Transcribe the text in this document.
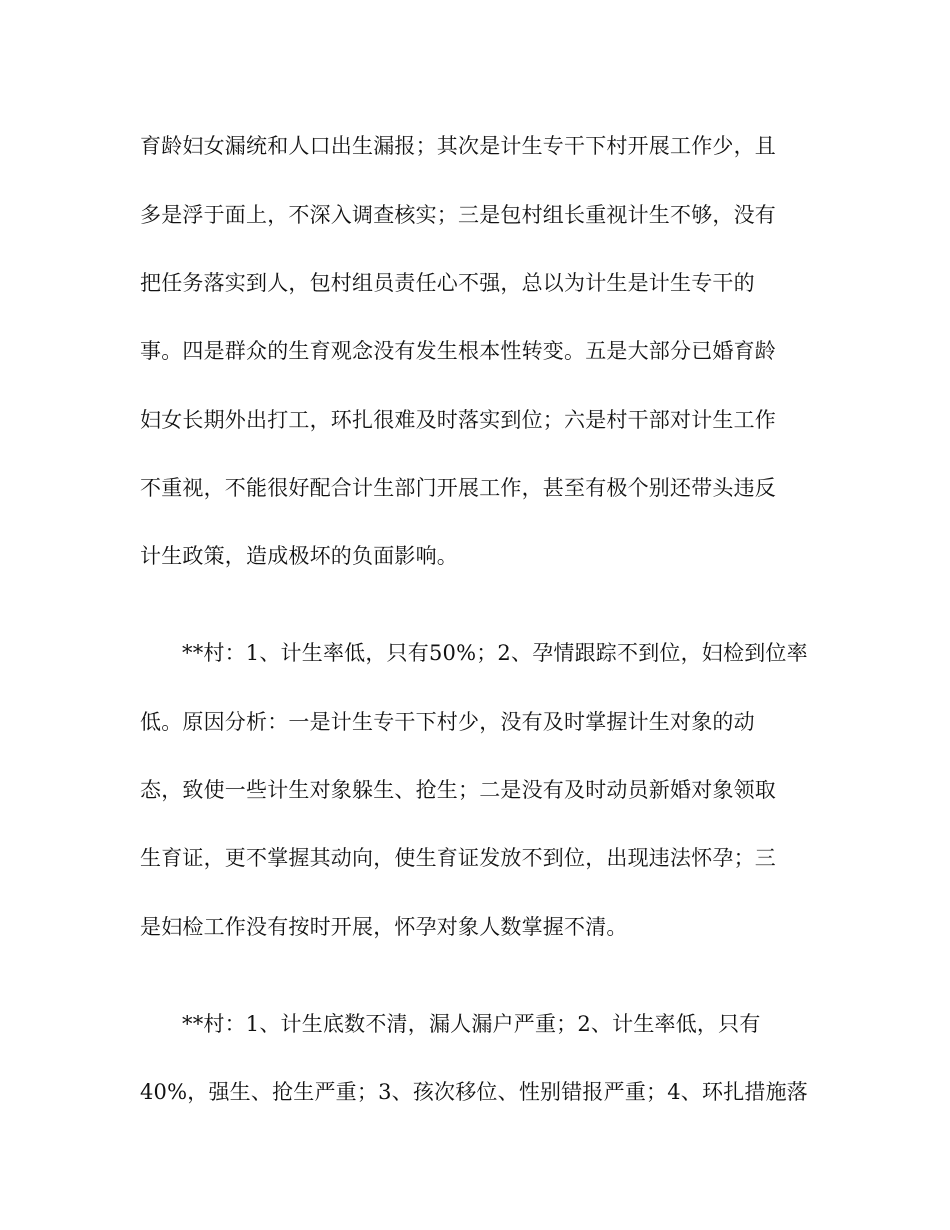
育龄妇女漏统和人口出生漏报；其次是计生专干下村开展工作少，且
多是浮于面上，不深入调查核实；三是包村组长重视计生不够，没有
把任务落实到人，包村组员责任心不强，总以为计生是计生专干的
事。四是群众的生育观念没有发生根本性转变。五是大部分已婚育龄
妇女长期外出打工，环扎很难及时落实到位；六是村干部对计生工作
不重视，不能很好配合计生部门开展工作，甚至有极个别还带头违反
计生政策，造成极坏的负面影响。
**村：1、计生率低，只有50%；2、孕情跟踪不到位，妇检到位率
低。原因分析：一是计生专干下村少，没有及时掌握计生对象的动
态，致使一些计生对象躲生、抢生；二是没有及时动员新婚对象领取
生育证，更不掌握其动向，使生育证发放不到位，出现违法怀孕；三
是妇检工作没有按时开展，怀孕对象人数掌握不清。
**村：1、计生底数不清，漏人漏户严重；2、计生率低，只有
40%，强生、抢生严重；3、孩次移位、性别错报严重；4、环扎措施落
